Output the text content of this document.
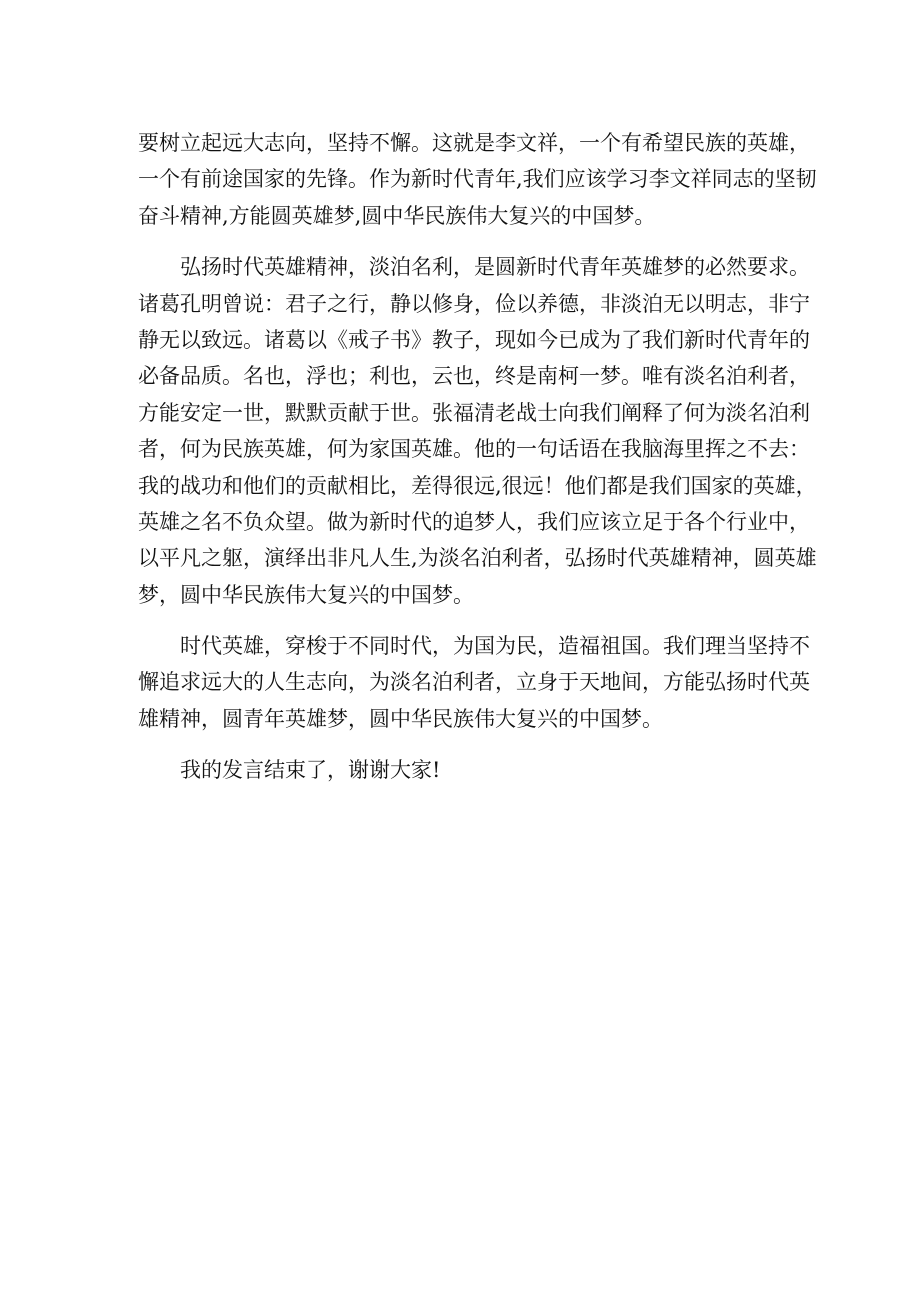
要树立起远大志向，坚持不懈。这就是李文祥，一个有希望民族的英雄，
一个有前途国家的先锋。作为新时代青年,我们应该学习李文祥同志的坚韧
奋斗精神,方能圆英雄梦,圆中华民族伟大复兴的中国梦。

弘扬时代英雄精神，淡泊名利，是圆新时代青年英雄梦的必然要求。
诸葛孔明曾说：君子之行，静以修身，俭以养德，非淡泊无以明志，非宁
静无以致远。诸葛以《戒子书》教子，现如今已成为了我们新时代青年的
必备品质。名也，浮也；利也，云也，终是南柯一梦。唯有淡名泊利者，
方能安定一世，默默贡献于世。张福清老战士向我们阐释了何为淡名泊利
者，何为民族英雄，何为家国英雄。他的一句话语在我脑海里挥之不去：
我的战功和他们的贡献相比，差得很远,很远！他们都是我们国家的英雄，
英雄之名不负众望。做为新时代的追梦人，我们应该立足于各个行业中，
以平凡之躯，演绎出非凡人生,为淡名泊利者，弘扬时代英雄精神，圆英雄
梦，圆中华民族伟大复兴的中国梦。

时代英雄，穿梭于不同时代，为国为民，造福祖国。我们理当坚持不
懈追求远大的人生志向，为淡名泊利者，立身于天地间，方能弘扬时代英
雄精神，圆青年英雄梦，圆中华民族伟大复兴的中国梦。

我的发言结束了，谢谢大家!
